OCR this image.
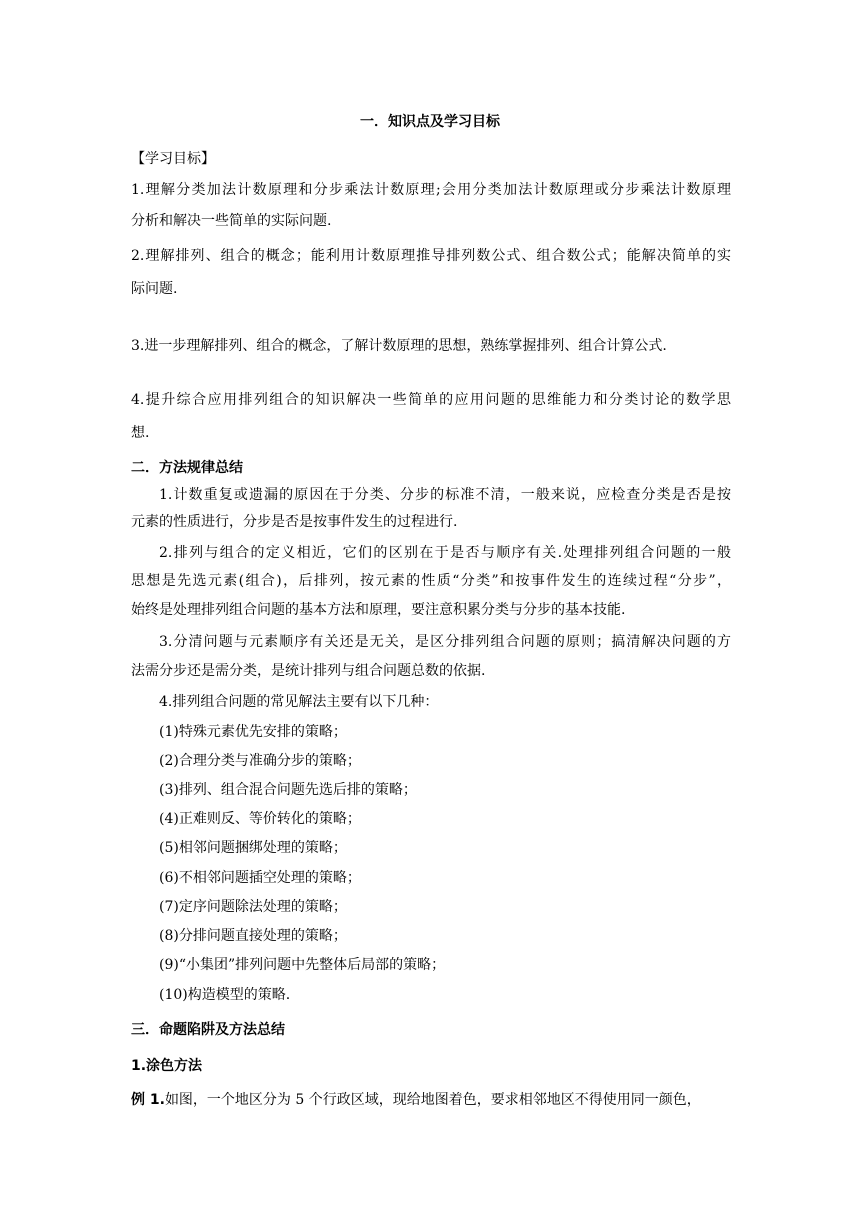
一．知识点及学习目标
【学习目标】
1.理解分类加法计数原理和分步乘法计数原理;会用分类加法计数原理或分步乘法计数原理
分析和解决一些简单的实际问题.
2.理解排列、组合的概念；能利用计数原理推导排列数公式、组合数公式；能解决简单的实
际问题.
3.进一步理解排列、组合的概念，了解计数原理的思想，熟练掌握排列、组合计算公式.
4.提升综合应用排列组合的知识解决一些简单的应用问题的思维能力和分类讨论的数学思
想.
二．方法规律总结
1.计数重复或遗漏的原因在于分类、分步的标准不清，一般来说，应检查分类是否是按
元素的性质进行，分步是否是按事件发生的过程进行.
2.排列与组合的定义相近，它们的区别在于是否与顺序有关.处理排列组合问题的一般
思想是先选元素(组合)，后排列，按元素的性质“分类”和按事件发生的连续过程“分步”，
始终是处理排列组合问题的基本方法和原理，要注意积累分类与分步的基本技能.
3.分清问题与元素顺序有关还是无关，是区分排列组合问题的原则；搞清解决问题的方
法需分步还是需分类，是统计排列与组合问题总数的依据.
4.排列组合问题的常见解法主要有以下几种：
(1)特殊元素优先安排的策略；
(2)合理分类与准确分步的策略；
(3)排列、组合混合问题先选后排的策略；
(4)正难则反、等价转化的策略；
(5)相邻问题捆绑处理的策略；
(6)不相邻问题插空处理的策略；
(7)定序问题除法处理的策略；
(8)分排问题直接处理的策略；
(9)“小集团”排列问题中先整体后局部的策略；
(10)构造模型的策略.
三．命题陷阱及方法总结
1.涂色方法
例 1.如图，一个地区分为 5 个行政区域，现给地图着色，要求相邻地区不得使用同一颜色，
